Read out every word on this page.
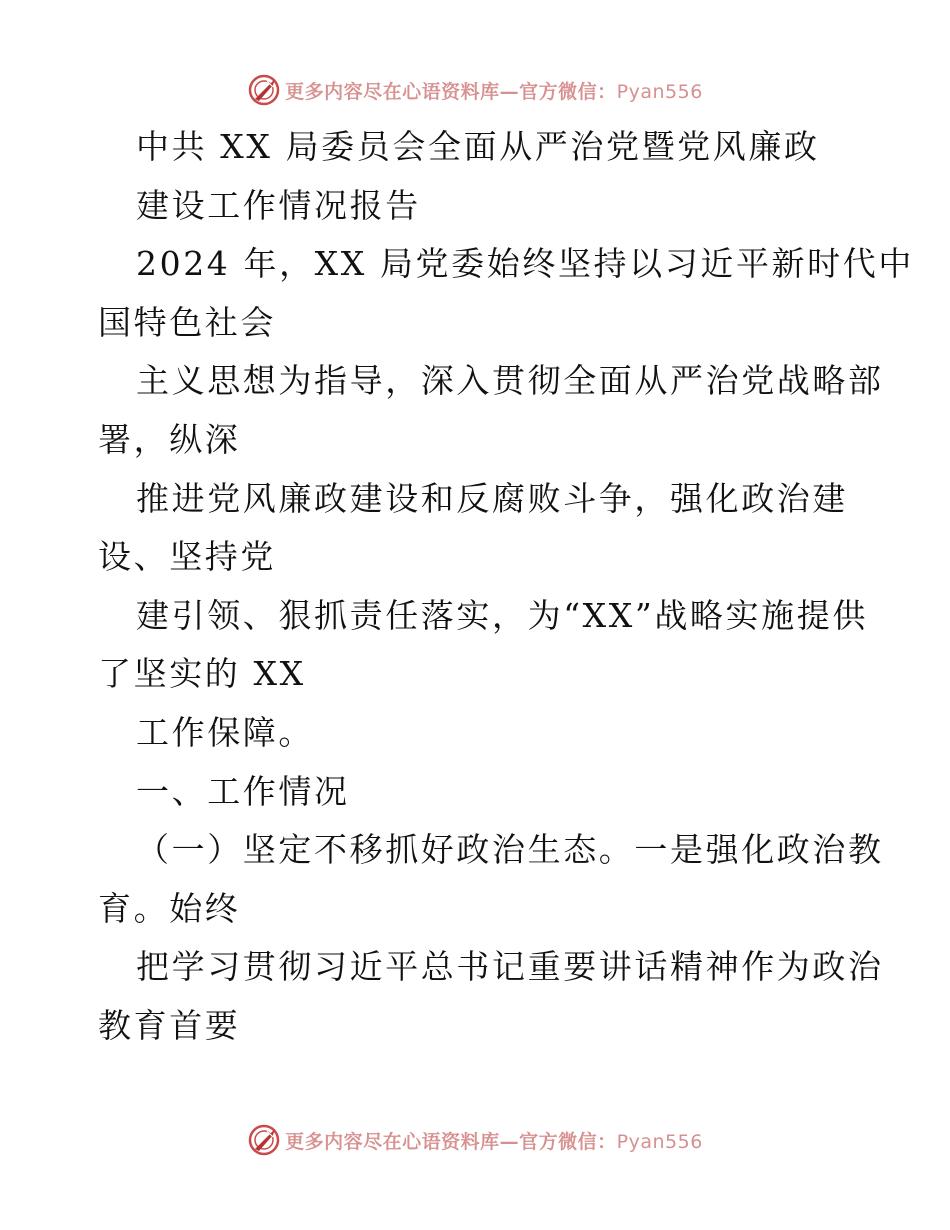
更多内容尽在心语资料库—官方微信：Pyan556
中共 XX 局委员会全面从严治党暨党风廉政
建设工作情况报告
2024 年，XX 局党委始终坚持以习近平新时代中
国特色社会
主义思想为指导，深入贯彻全面从严治党战略部
署，纵深
推进党风廉政建设和反腐败斗争，强化政治建
设、坚持党
建引领、狠抓责任落实，为“XX”战略实施提供
了坚实的 XX
工作保障。
一、工作情况
（一）坚定不移抓好政治生态。一是强化政治教
育。始终
把学习贯彻习近平总书记重要讲话精神作为政治
教育首要
更多内容尽在心语资料库—官方微信：Pyan556
